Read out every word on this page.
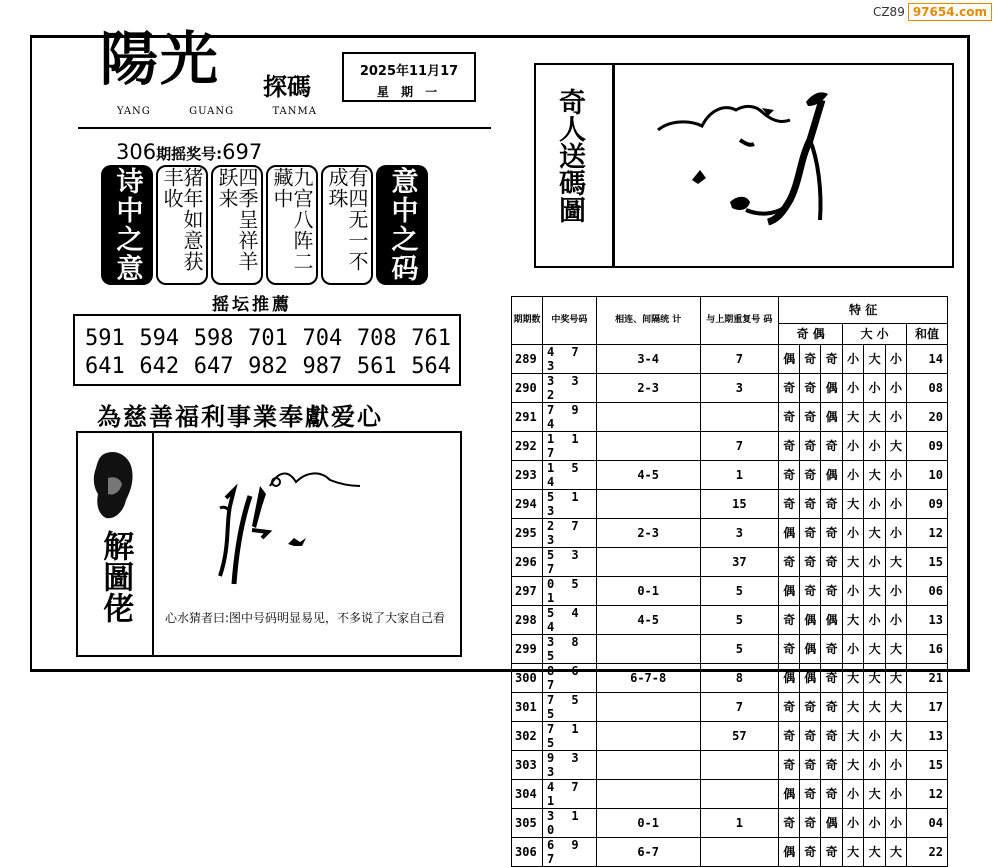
CZ89 97654.com
陽光 探碼
YANG	GUANG	TANMA
2025年11月17
星 期 一
306期摇奖号:697
诗中之意	猪年如意获丰收	四季呈祥羊跃来	九宫八阵二藏中	有四无一不成珠	意中之码
摇坛推薦
591 594 598 701 704 708 761
641 642 647 982 987 561 564
為慈善福利事業奉獻爱心
解圖佬	心水猜者曰:图中号码明显易见，不多说了大家自己看
奇人送碼圖
期期数	中奖号码	相连、间隔统 计	与上期重复号 码	特 征						
				奇 偶			大 小			和值
289	4 7 3	3-4	7	偶	奇	奇	小	大	小	14
290	3 3 2	2-3	3	奇	奇	偶	小	小	小	08
291	7 9 4			奇	奇	偶	大	大	小	20
292	1 1 7		7	奇	奇	奇	小	小	大	09
293	1 5 4	4-5	1	奇	奇	偶	小	大	小	10
294	5 1 3		15	奇	奇	奇	大	小	小	09
295	2 7 3	2-3	3	偶	奇	奇	小	大	小	12
296	5 3 7		37	奇	奇	奇	大	小	大	15
297	0 5 1	0-1	5	偶	奇	奇	小	大	小	06
298	5 4 4	4-5	5	奇	偶	偶	大	小	小	13
299	3 8 5		5	奇	偶	奇	小	大	大	16
300	8 6 7	6-7-8	8	偶	偶	奇	大	大	大	21
301	7 5 5		7	奇	奇	奇	大	大	大	17
302	7 1 5		57	奇	奇	奇	大	小	大	13
303	9 3 3			奇	奇	奇	大	小	小	15
304	4 7 1			偶	奇	奇	小	大	小	12
305	3 1 0	0-1	1	奇	奇	偶	小	小	小	04
306	6 9 7	6-7		偶	奇	奇	大	大	大	22
